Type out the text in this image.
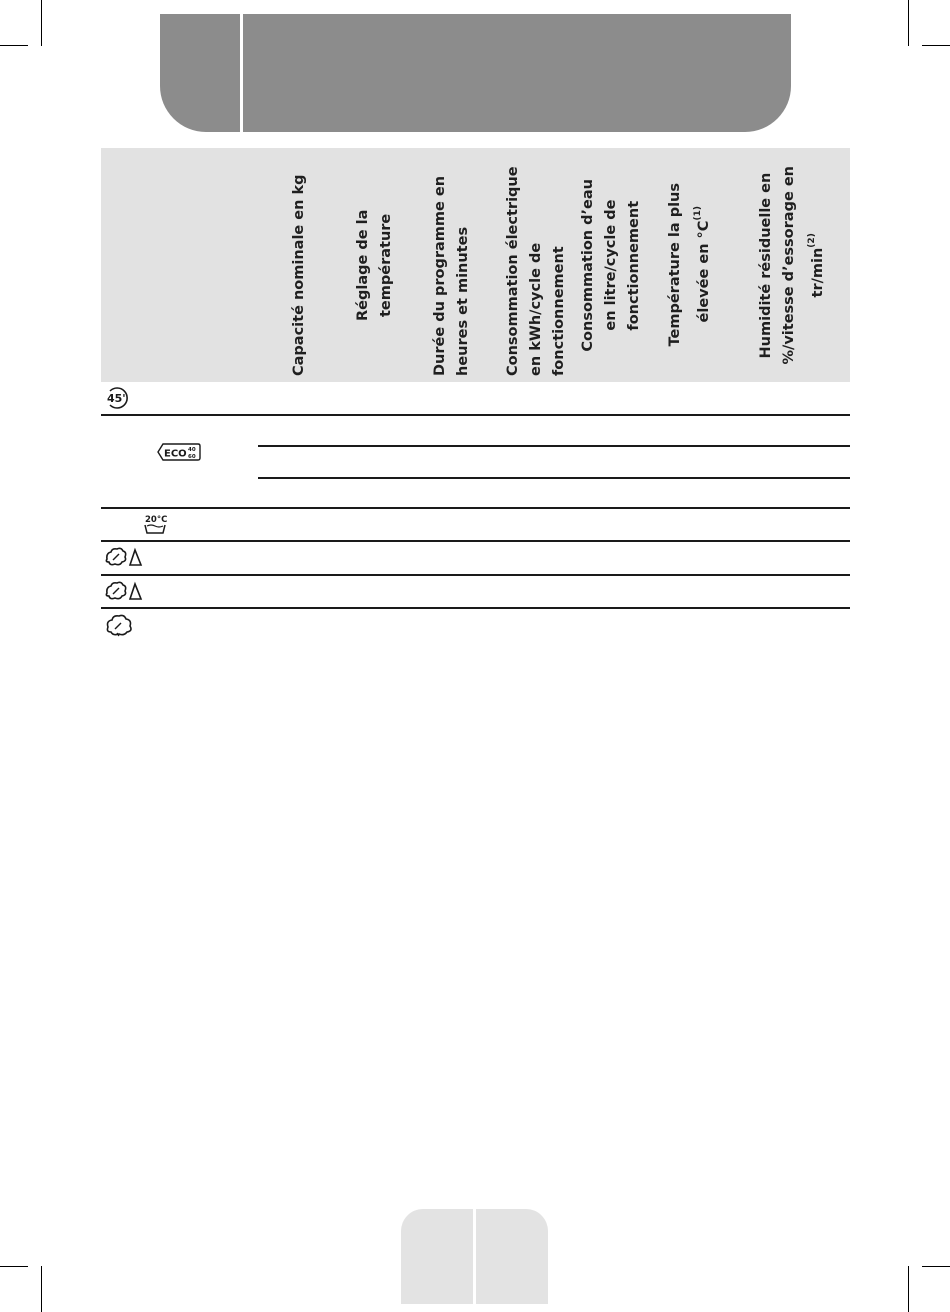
Capacité nominale en kg	Réglage de la
température
Durée du programme en
heures et minutes Consommation électrique
en kWh/cycle de
fonctionnement Consommation d’eau
en litre/cycle de
fonctionnement Température la plus
élevée en $^\circ C^{(1)}$
Humidité résiduelle en
%/vitesse d’essorage en
$tr/\min^{(2)}$
45'
ECO 40
60
20°C
